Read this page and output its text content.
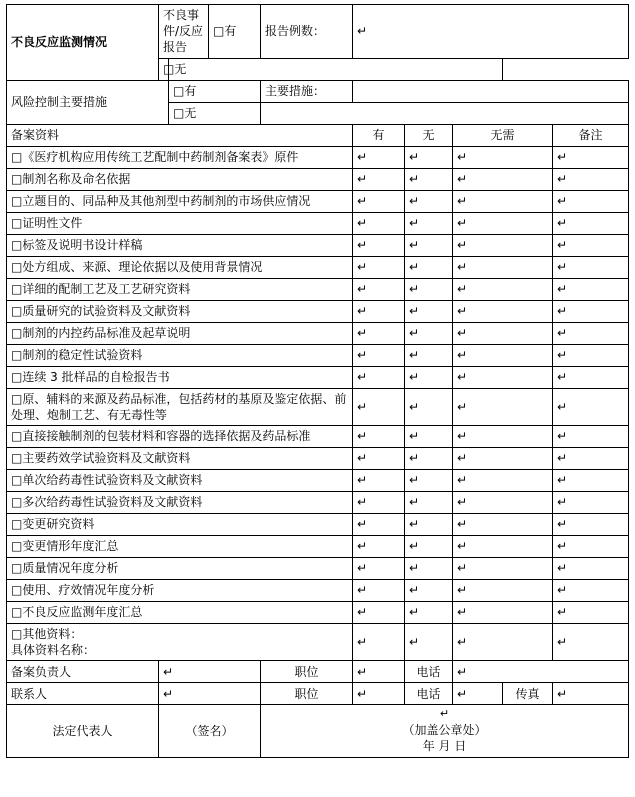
不良反应监测情况	不良事件/反应报告		□有	报告例数：	↵				
	□无								
风险控制主要措施		□有		主要措施：					
		□无							
备案资料					有	无	无需		备注
□《医疗机构应用传统工艺配制中药制剂备案表》原件					↵	↵	↵		↵
□制剂名称及命名依据					↵	↵	↵		↵
□立题目的、同品种及其他剂型中药制剂的市场供应情况					↵	↵	↵		↵
□证明性文件					↵	↵	↵		↵
□标签及说明书设计样稿					↵	↵	↵		↵
□处方组成、来源、理论依据以及使用背景情况					↵	↵	↵		↵
□详细的配制工艺及工艺研究资料					↵	↵	↵		↵
□质量研究的试验资料及文献资料					↵	↵	↵		↵
□制剂的内控药品标准及起草说明					↵	↵	↵		↵
□制剂的稳定性试验资料					↵	↵	↵		↵
□连续 3 批样品的自检报告书					↵	↵	↵		↵
□原、辅料的来源及药品标准，包括药材的基原及鉴定依据、前处理、炮制工艺、有无毒性等					↵	↵	↵		↵
□直接接触制剂的包装材料和容器的选择依据及药品标准					↵	↵	↵		↵
□主要药效学试验资料及文献资料					↵	↵	↵		↵
□单次给药毒性试验资料及文献资料					↵	↵	↵		↵
□多次给药毒性试验资料及文献资料					↵	↵	↵		↵
□变更研究资料					↵	↵	↵		↵
□变更情形年度汇总					↵	↵	↵		↵
□质量情况年度分析					↵	↵	↵		↵
□使用、疗效情况年度分析					↵	↵	↵		↵
□不良反应监测年度汇总					↵	↵	↵		↵
□其他资料：
具体资料名称：					↵	↵	↵		↵
备案负责人	↵			职位	↵	电话	↵		
联系人	↵			职位	↵	电话	↵	传真	↵
法定代表人	（签名）			↵
（加盖公章处）
年 月 日					
